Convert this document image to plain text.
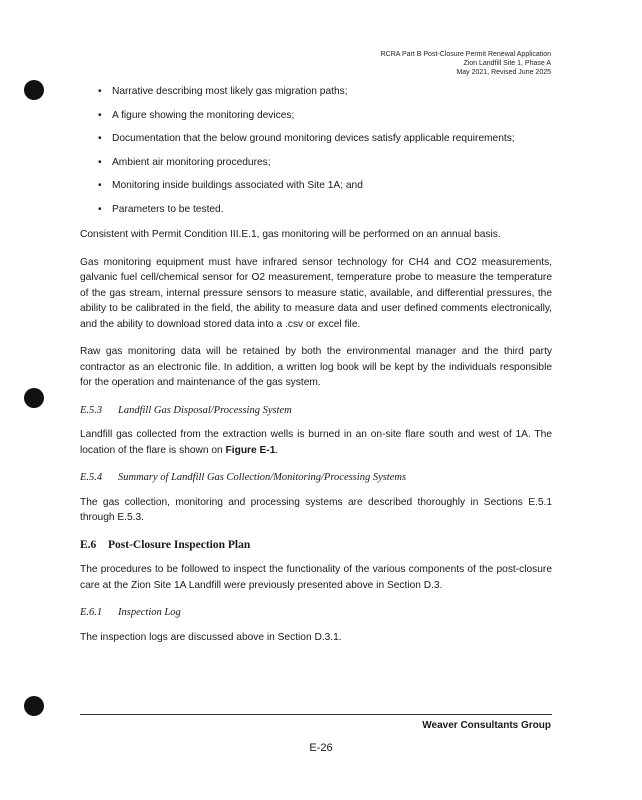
RCRA Part B Post-Closure Permit Renewal Application
Zion Landfill Site 1, Phase A
May 2021, Revised June 2025
• Narrative describing most likely gas migration paths;
• A figure showing the monitoring devices;
• Documentation that the below ground monitoring devices satisfy applicable requirements;
• Ambient air monitoring procedures;
• Monitoring inside buildings associated with Site 1A; and
• Parameters to be tested.

Consistent with Permit Condition III.E.1, gas monitoring will be performed on an annual basis.

Gas monitoring equipment must have infrared sensor technology for CH4 and CO2 measurements, galvanic fuel cell/chemical sensor for O2 measurement, temperature probe to measure the temperature of the gas stream, internal pressure sensors to measure static, available, and differential pressures, the ability to be calibrated in the field, the ability to measure data and user defined comments electronically, and the ability to download stored data into a .csv or excel file.

Raw gas monitoring data will be retained by both the environmental manager and the third party contractor as an electronic file. In addition, a written log book will be kept by the individuals responsible for the operation and maintenance of the gas system.

E.5.3 Landfill Gas Disposal/Processing System

Landfill gas collected from the extraction wells is burned in an on-site flare south and west of 1A. The location of the flare is shown on Figure E-1.

E.5.4 Summary of Landfill Gas Collection/Monitoring/Processing Systems

The gas collection, monitoring and processing systems are described thoroughly in Sections E.5.1 through E.5.3.

E.6 Post-Closure Inspection Plan

The procedures to be followed to inspect the functionality of the various components of the post-closure care at the Zion Site 1A Landfill were previously presented above in Section D.3.

E.6.1 Inspection Log

The inspection logs are discussed above in Section D.3.1.

Weaver Consultants Group
E-26
